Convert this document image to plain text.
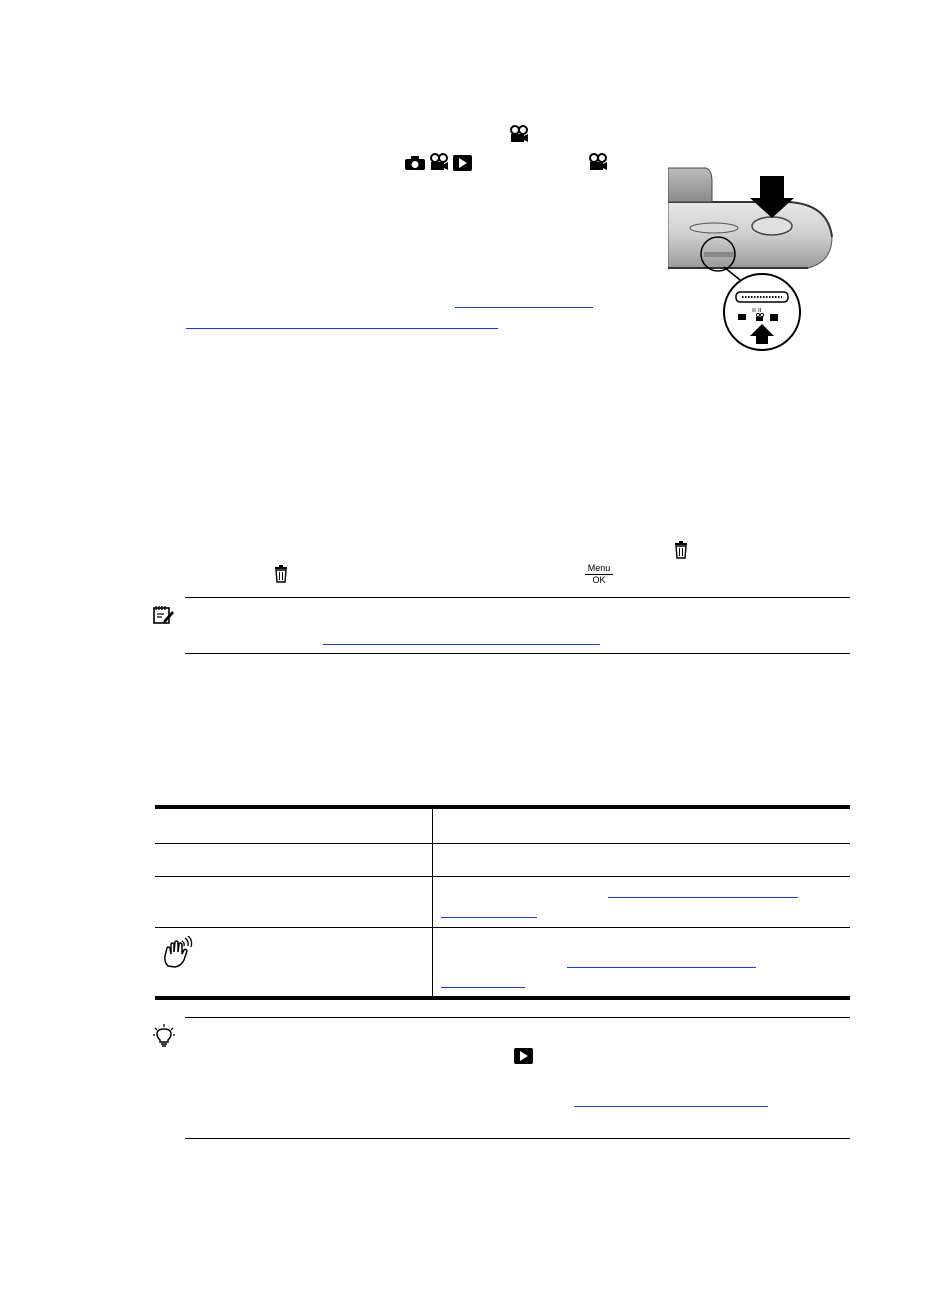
ıı ıı
Menu
OK
